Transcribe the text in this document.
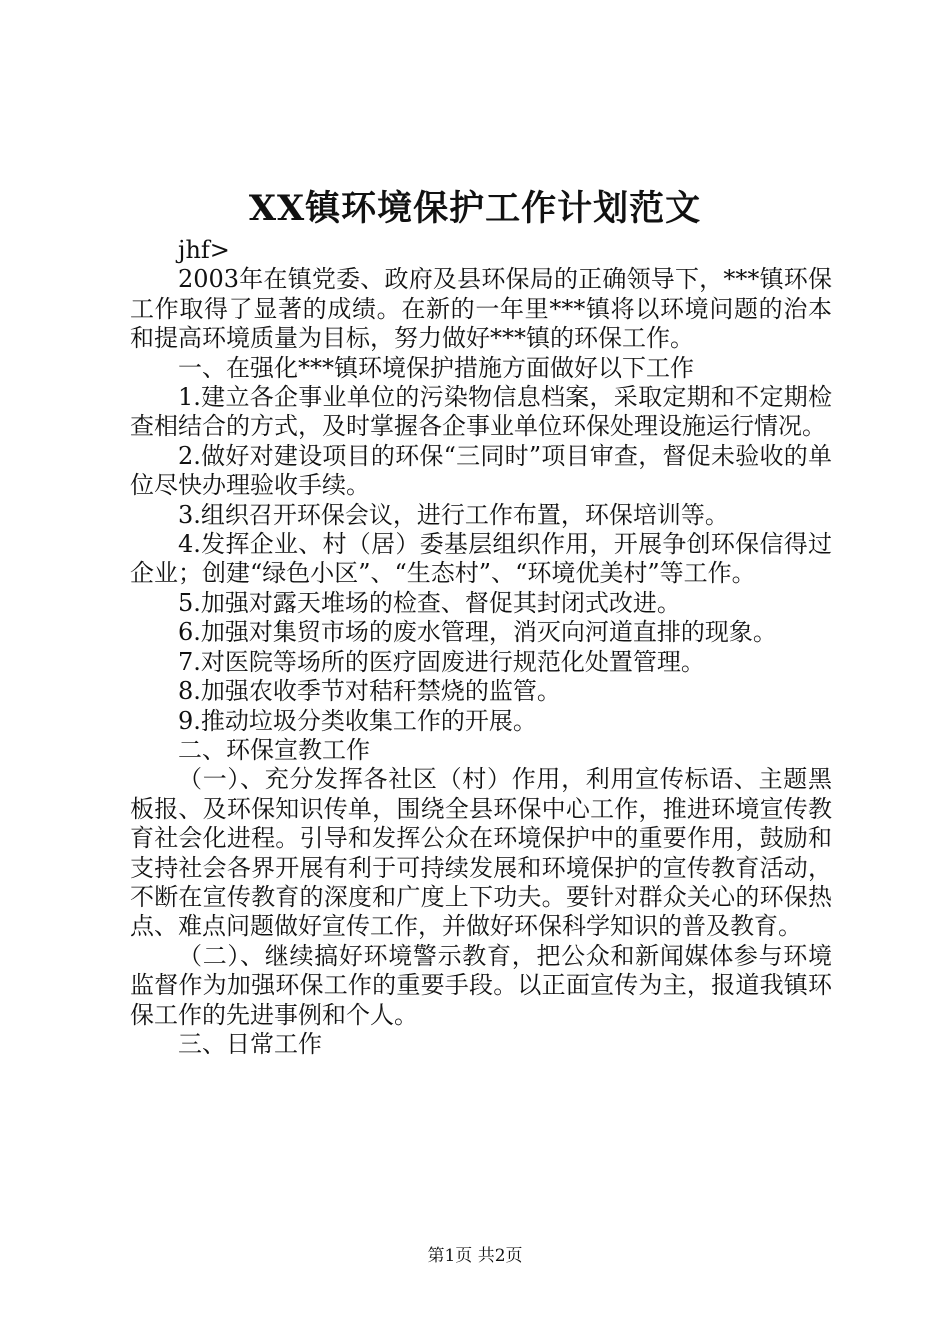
XX镇环境保护工作计划范文

jhf>

2003年在镇党委、政府及县环保局的正确领导下，***镇环保工作取得了显著的成绩。在新的一年里***镇将以环境问题的治本和提高环境质量为目标，努力做好***镇的环保工作。

一、在强化***镇环境保护措施方面做好以下工作

1.建立各企事业单位的污染物信息档案，采取定期和不定期检查相结合的方式，及时掌握各企事业单位环保处理设施运行情况。

2.做好对建设项目的环保“三同时”项目审查，督促未验收的单位尽快办理验收手续。

3.组织召开环保会议，进行工作布置，环保培训等。

4.发挥企业、村（居）委基层组织作用，开展争创环保信得过企业；创建“绿色小区”、“生态村”、“环境优美村”等工作。

5.加强对露天堆场的检查、督促其封闭式改进。

6.加强对集贸市场的废水管理，消灭向河道直排的现象。

7.对医院等场所的医疗固废进行规范化处置管理。

8.加强农收季节对秸秆禁烧的监管。

9.推动垃圾分类收集工作的开展。

二、环保宣教工作

（一）、充分发挥各社区（村）作用，利用宣传标语、主题黑板报、及环保知识传单，围绕全县环保中心工作，推进环境宣传教育社会化进程。引导和发挥公众在环境保护中的重要作用，鼓励和支持社会各界开展有利于可持续发展和环境保护的宣传教育活动，不断在宣传教育的深度和广度上下功夫。要针对群众关心的环保热点、难点问题做好宣传工作，并做好环保科学知识的普及教育。

（二）、继续搞好环境警示教育，把公众和新闻媒体参与环境监督作为加强环保工作的重要手段。以正面宣传为主，报道我镇环保工作的先进事例和个人。

三、日常工作

第1页 共2页
